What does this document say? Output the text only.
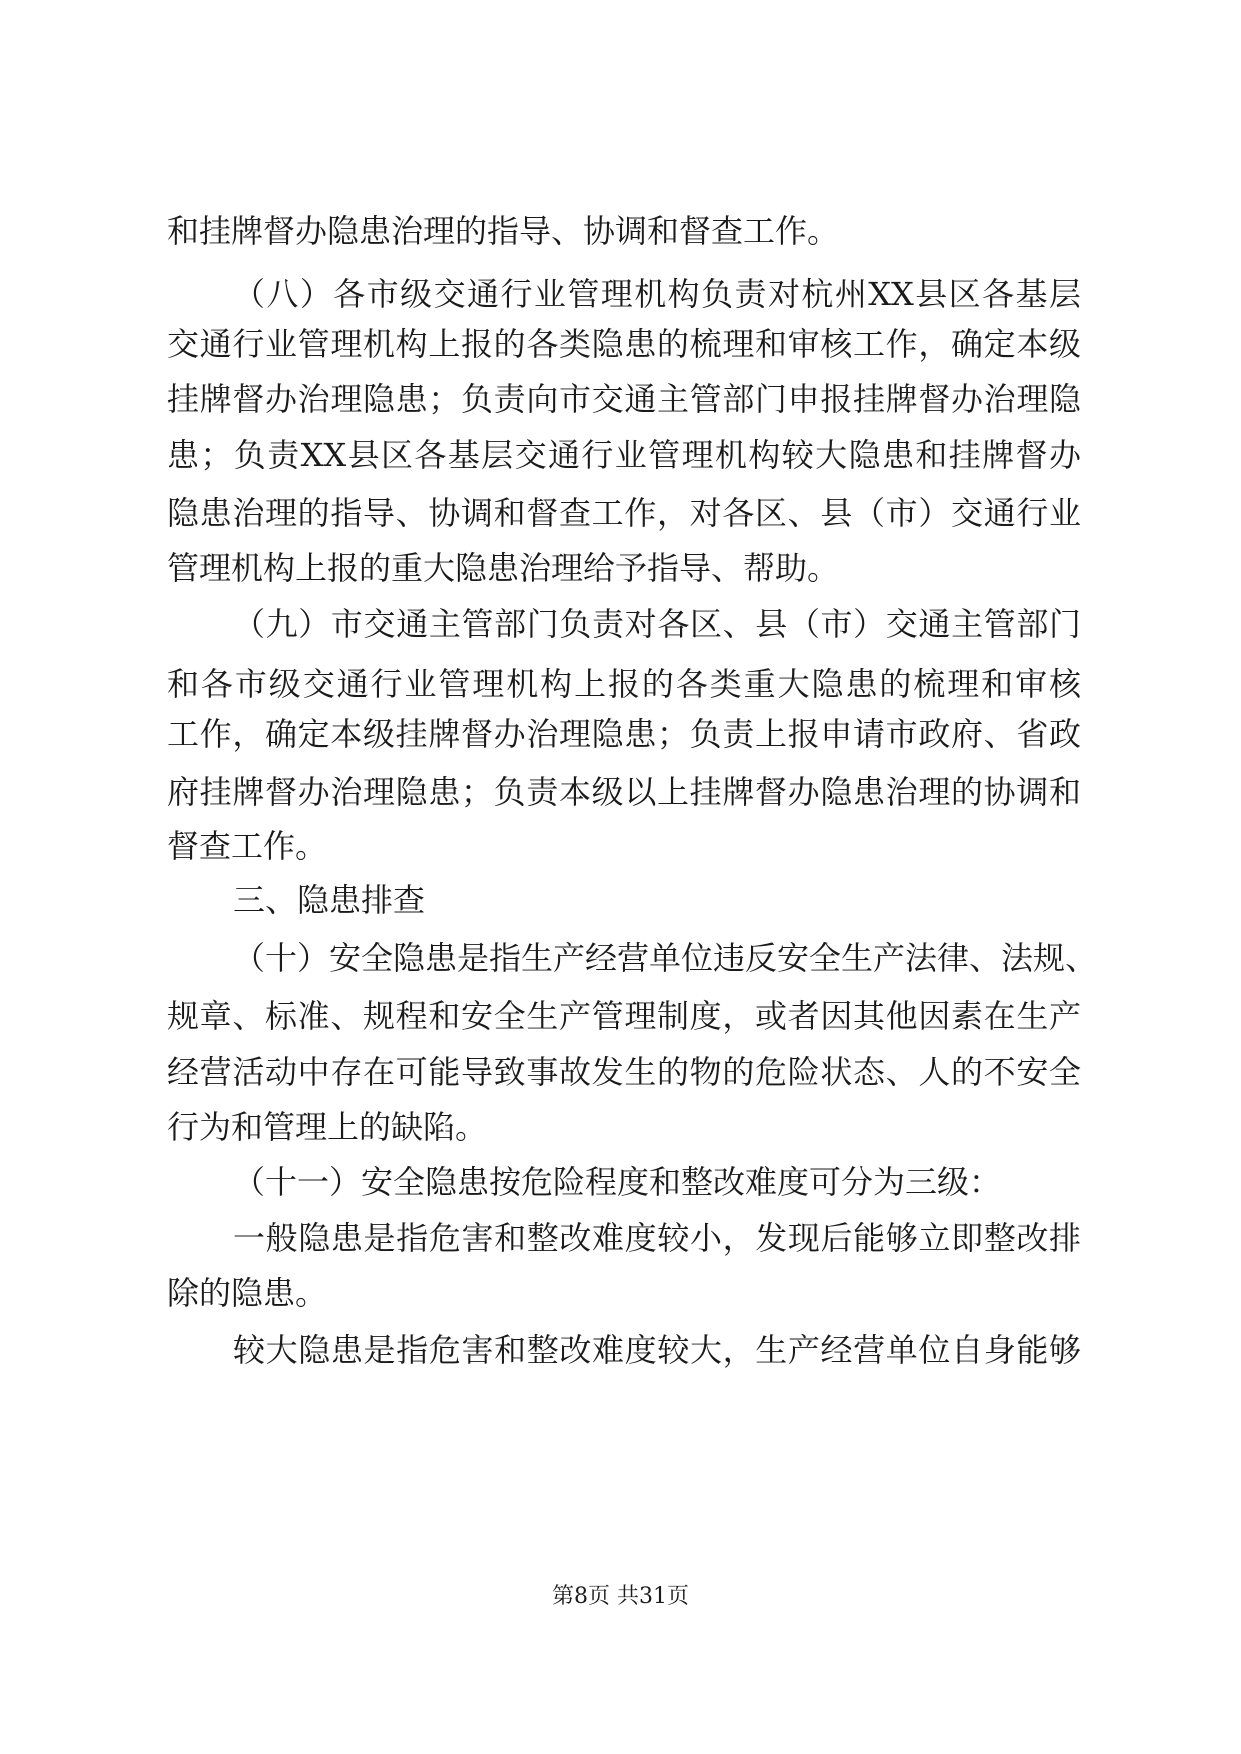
和挂牌督办隐患治理的指导、协调和督查工作。

（八）各市级交通行业管理机构负责对杭州XX县区各基层

交通行业管理机构上报的各类隐患的梳理和审核工作，确定本级

挂牌督办治理隐患；负责向市交通主管部门申报挂牌督办治理隐

患；负责XX县区各基层交通行业管理机构较大隐患和挂牌督办

隐患治理的指导、协调和督查工作，对各区、县（市）交通行业

管理机构上报的重大隐患治理给予指导、帮助。

（九）市交通主管部门负责对各区、县（市）交通主管部门

和各市级交通行业管理机构上报的各类重大隐患的梳理和审核

工作，确定本级挂牌督办治理隐患；负责上报申请市政府、省政

府挂牌督办治理隐患；负责本级以上挂牌督办隐患治理的协调和

督查工作。

三、隐患排查

（十）安全隐患是指生产经营单位违反安全生产法律、法规、

规章、标准、规程和安全生产管理制度，或者因其他因素在生产

经营活动中存在可能导致事故发生的物的危险状态、人的不安全

行为和管理上的缺陷。

（十一）安全隐患按危险程度和整改难度可分为三级：

一般隐患是指危害和整改难度较小，发现后能够立即整改排

除的隐患。

较大隐患是指危害和整改难度较大，生产经营单位自身能够

第8页 共31页
